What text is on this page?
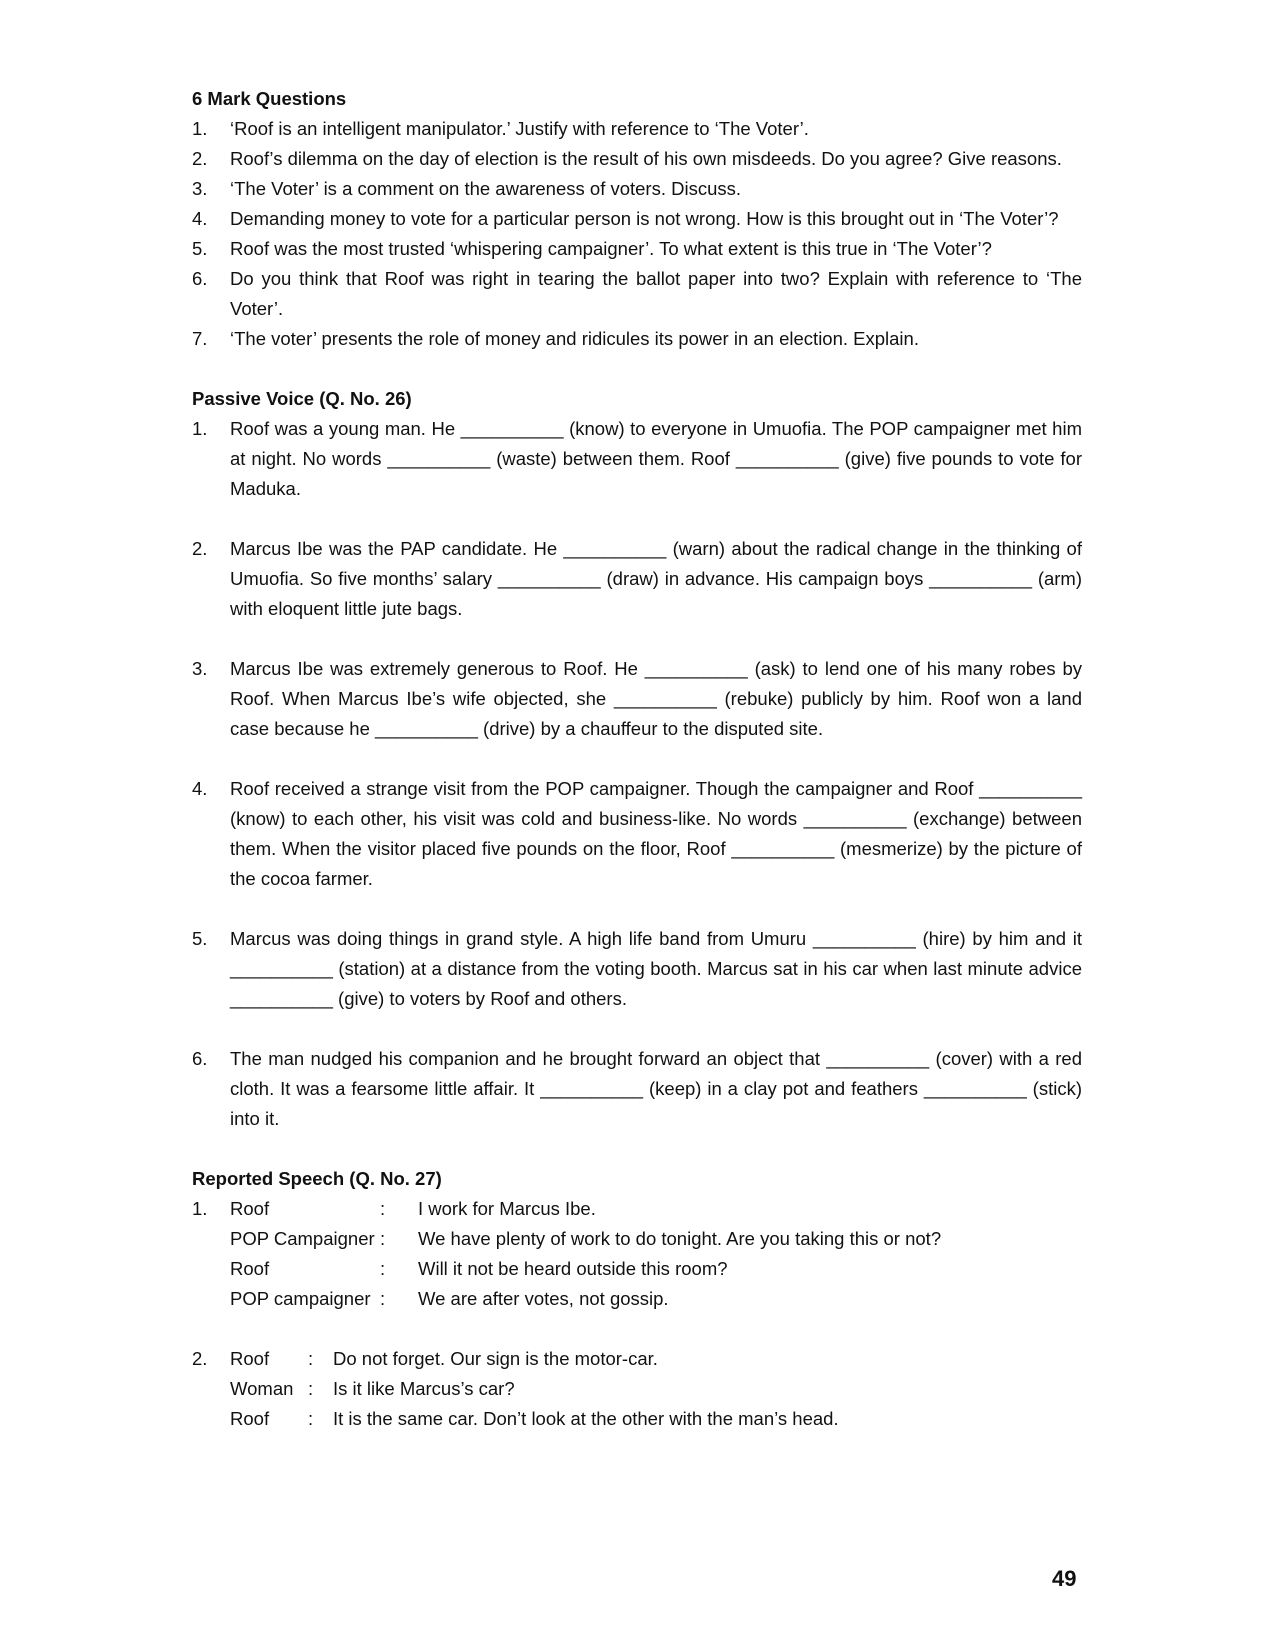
6 Mark Questions

1.	‘Roof is an intelligent manipulator.’ Justify with reference to ‘The Voter’.
2.	Roof’s dilemma on the day of election is the result of his own misdeeds. Do you agree? Give reasons.
3.	‘The Voter’ is a comment on the awareness of voters. Discuss.
4.	Demanding money to vote for a particular person is not wrong. How is this brought out in ‘The Voter’?
5.	Roof was the most trusted ‘whispering campaigner’. To what extent is this true in ‘The Voter’?
6.	Do you think that Roof was right in tearing the ballot paper into two? Explain with reference to ‘The Voter’.
7.	‘The voter’ presents the role of money and ridicules its power in an election. Explain.

Passive Voice (Q. No. 26)

1.	Roof was a young man. He __________ (know) to everyone in Umuofia. The POP campaigner met him at night. No words __________ (waste) between them. Roof __________ (give) five pounds to vote for Maduka.
2.	Marcus Ibe was the PAP candidate. He __________ (warn) about the radical change in the thinking of Umuofia. So five months’ salary __________ (draw) in advance. His campaign boys __________ (arm) with eloquent little jute bags.
3.	Marcus Ibe was extremely generous to Roof. He __________ (ask) to lend one of his many robes by Roof. When Marcus Ibe’s wife objected, she __________ (rebuke) publicly by him. Roof won a land case because he __________ (drive) by a chauffeur to the disputed site.
4.	Roof received a strange visit from the POP campaigner. Though the campaigner and Roof __________ (know) to each other, his visit was cold and business-like. No words __________ (exchange) between them. When the visitor placed five pounds on the floor, Roof __________ (mesmerize) by the picture of the cocoa farmer.
5.	Marcus was doing things in grand style. A high life band from Umuru __________ (hire) by him and it __________ (station) at a distance from the voting booth. Marcus sat in his car when last minute advice __________ (give) to voters by Roof and others.
6.	The man nudged his companion and he brought forward an object that __________ (cover) with a red cloth. It was a fearsome little affair. It __________ (keep) in a clay pot and feathers __________ (stick) into it.

Reported Speech (Q. No. 27)

1.	Roof	:	I work for Marcus Ibe.
POP Campaigner :	We have plenty of work to do tonight. Are you taking this or not?
Roof	:	Will it not be heard outside this room?
POP campaigner :	We are after votes, not gossip.
2.	Roof	:	Do not forget. Our sign is the motor-car.
Woman :	Is it like Marcus’s car?
Roof	:	It is the same car. Don’t look at the other with the man’s head.
49
